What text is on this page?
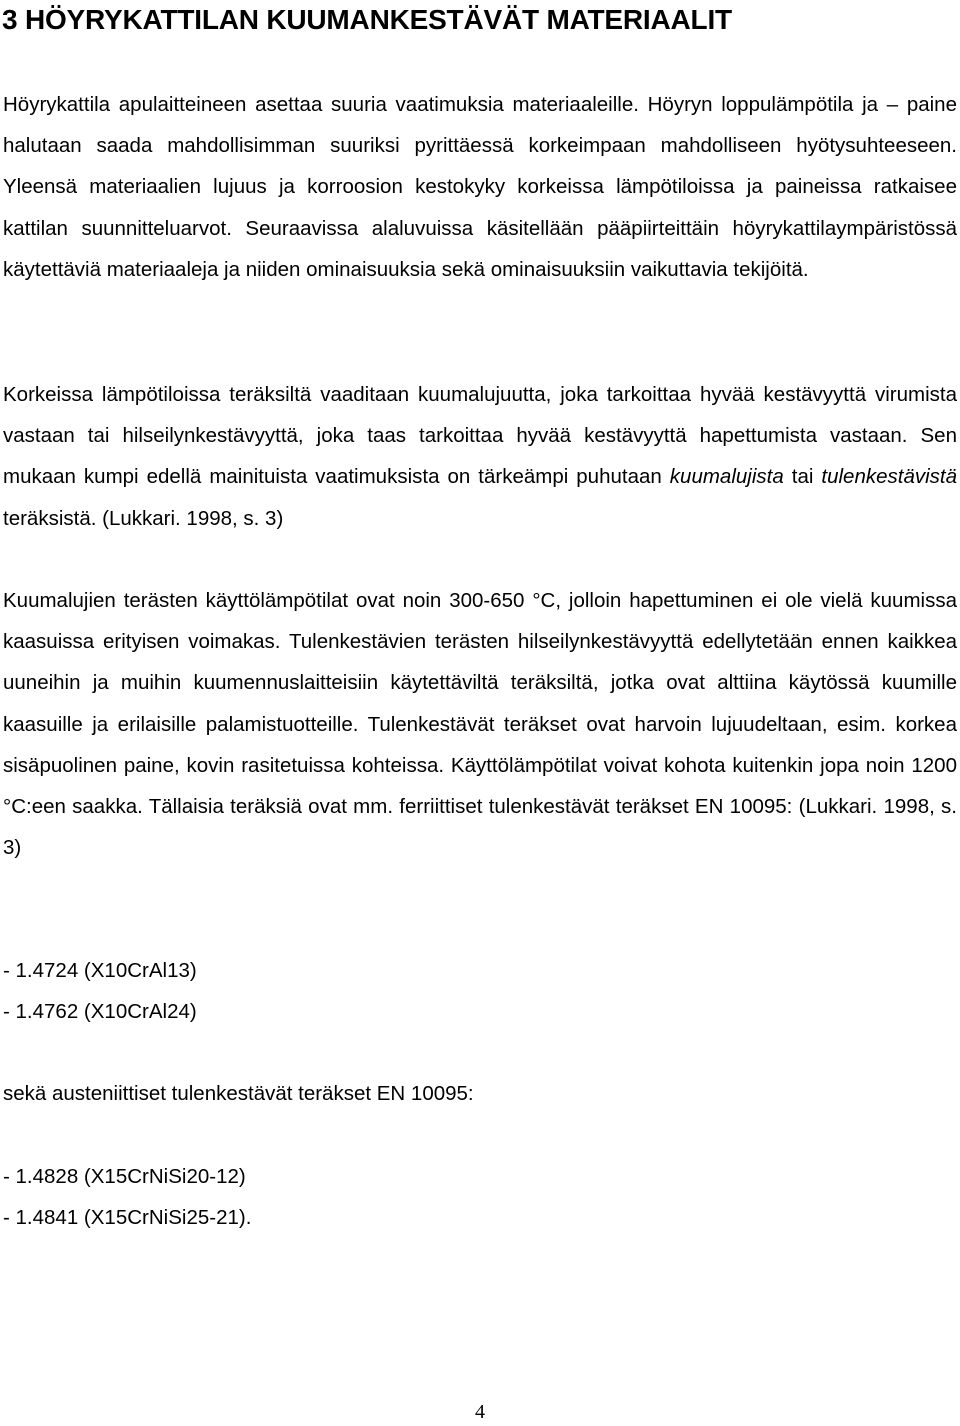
3 HÖYRYKATTILAN KUUMANKESTÄVÄT MATERIAALIT

Höyrykattila apulaitteineen asettaa suuria vaatimuksia materiaaleille. Höyryn loppulämpötila ja – paine halutaan saada mahdollisimman suuriksi pyrittäessä korkeimpaan mahdolliseen hyötysuhteeseen. Yleensä materiaalien lujuus ja korroosion kestokyky korkeissa lämpötiloissa ja paineissa ratkaisee kattilan suunnitteluarvot. Seuraavissa alaluvuissa käsitellään pääpiirteittäin höyrykattilaympäristössä käytettäviä materiaaleja ja niiden ominaisuuksia sekä ominaisuuksiin vaikuttavia tekijöitä.

Korkeissa lämpötiloissa teräksiltä vaaditaan kuumalujuutta, joka tarkoittaa hyvää kestävyyttä virumista vastaan tai hilseilynkestävyyttä, joka taas tarkoittaa hyvää kestävyyttä hapettumista vastaan. Sen mukaan kumpi edellä mainituista vaatimuksista on tärkeämpi puhutaan kuumalujista tai tulenkestävistä teräksistä. (Lukkari. 1998, s. 3)

Kuumalujien terästen käyttölämpötilat ovat noin 300-650 °C, jolloin hapettuminen ei ole vielä kuumissa kaasuissa erityisen voimakas. Tulenkestävien terästen hilseilynkestävyyttä edellytetään ennen kaikkea uuneihin ja muihin kuumennuslaitteisiin käytettäviltä teräksiltä, jotka ovat alttiina käytössä kuumille kaasuille ja erilaisille palamistuotteille. Tulenkestävät teräkset ovat harvoin lujuudeltaan, esim. korkea sisäpuolinen paine, kovin rasitetuissa kohteissa. Käyttölämpötilat voivat kohota kuitenkin jopa noin 1200 °C:een saakka. Tällaisia teräksiä ovat mm. ferriittiset tulenkestävät teräkset EN 10095: (Lukkari. 1998, s. 3)

- 1.4724 (X10CrAl13)
- 1.4762 (X10CrAl24)
sekä austeniittiset tulenkestävät teräkset EN 10095:
- 1.4828 (X15CrNiSi20-12)
- 1.4841 (X15CrNiSi25-21).
4
